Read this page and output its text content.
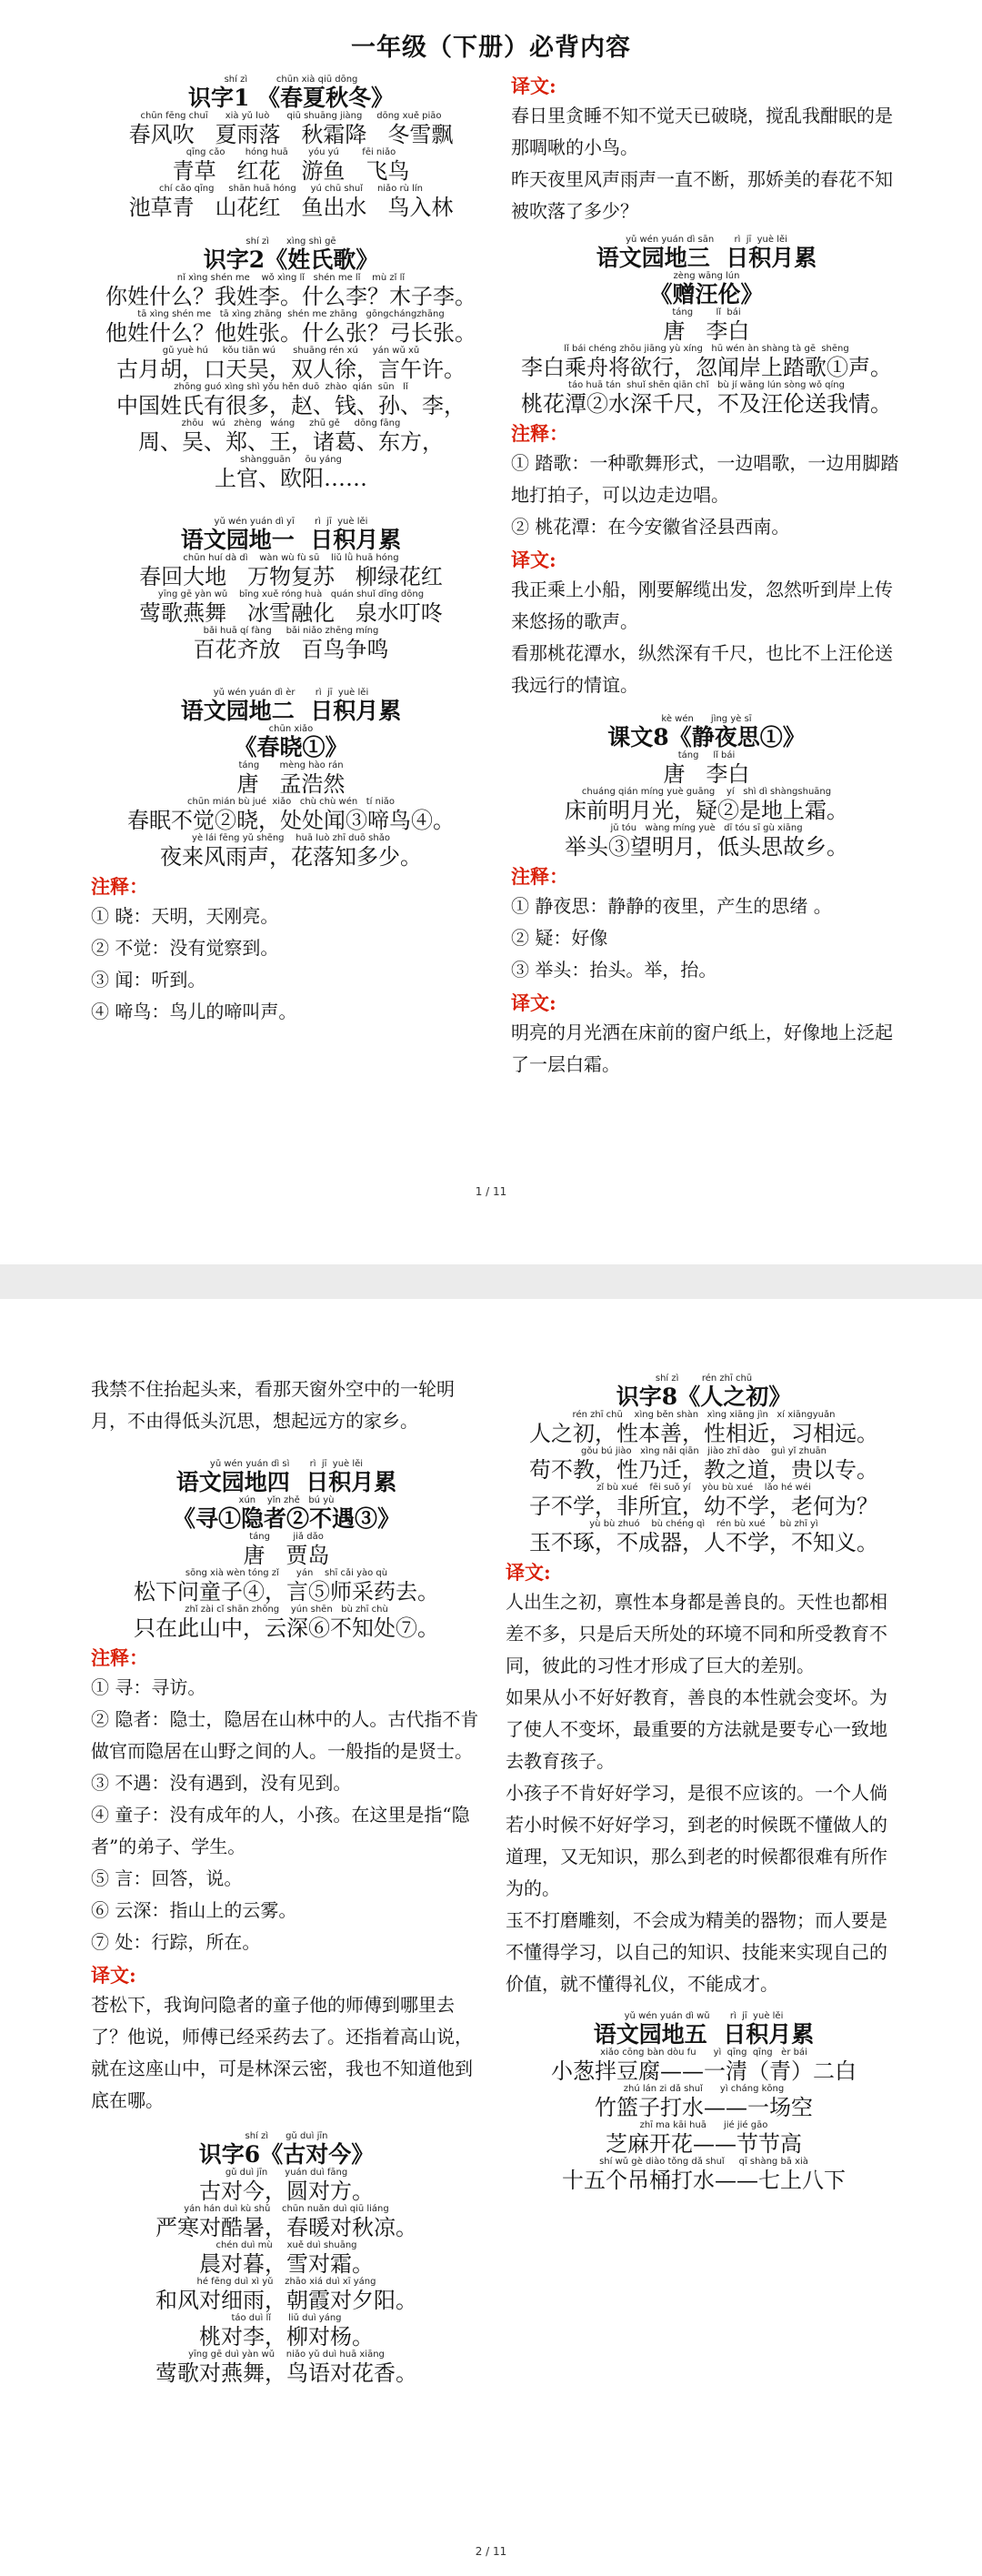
一年级（下册）必背内容
shí zì          chūn xià qiū dōng
识字1 《春夏秋冬》
chūn fēng chuī      xià yǔ luò      qiū shuāng jiàng     dōng xuě piāo
春风吹   夏雨落   秋霜降   冬雪飘
qīng cǎo       hóng huā       yóu yú        fēi niǎo
青草   红花   游鱼   飞鸟
chí cǎo qīng     shān huā hóng     yú chū shuǐ     niǎo rù lín
池草青   山花红   鱼出水   鸟入林
shí zì      xìng shì gē
识字2《姓氏歌》
nǐ xìng shén me    wǒ xìng lǐ   shén me lǐ    mù zǐ lǐ
你姓什么？我姓李。什么李？木子李。
tā xìng shén me   tā xìng zhāng  shén me zhāng   gōngchángzhāng
他姓什么？他姓张。什么张？弓长张。
gǔ yuè hú     kǒu tiān wú      shuāng rén xú     yán wǔ xǔ
古月胡，口天吴，双人徐，言午许。
zhōng guó xìng shì yǒu hěn duō  zhào  qián  sūn   lǐ
中国姓氏有很多，赵、钱、孙、李，
zhōu   wú   zhèng   wáng     zhū gě     dōng fāng
周、吴、郑、王，诸葛、东方，
shàngguān     ōu yáng
上官、欧阳……
yǔ wén yuán dì yī       rì  jī  yuè lěi
语文园地一  日积月累
chūn huí dà dì    wàn wù fù sū    liǔ lǜ huā hóng
春回大地   万物复苏   柳绿花红
yīng gē yàn wǔ    bīng xuě róng huà   quán shuǐ dīng dōng
莺歌燕舞   冰雪融化   泉水叮咚
bǎi huā qí fàng     bǎi niǎo zhēng míng
百花齐放   百鸟争鸣
yǔ wén yuán dì èr       rì  jī  yuè lěi
语文园地二  日积月累
chūn xiǎo
《春晓①》
táng       mèng hào rán
唐   孟浩然
chūn mián bù jué  xiǎo   chù chù wén   tí niǎo
春眠不觉②晓，处处闻③啼鸟④。
yè lái fēng yǔ shēng    huā luò zhī duō shǎo
夜来风雨声，花落知多少。
注释：

① 晓：天明，天刚亮。

② 不觉：没有觉察到。

③ 闻：听到。

④ 啼鸟：鸟儿的啼叫声。

译文:

春日里贪睡不知不觉天已破晓，搅乱我酣眠的是那啁啾的小鸟。

昨天夜里风声雨声一直不断，那娇美的春花不知被吹落了多少？

yǔ wén yuán dì sān       rì  jī  yuè lěi
语文园地三  日积月累
zèng wāng lún
《赠汪伦》
táng        lǐ  bái
唐   李白
lǐ bái chéng zhōu jiāng yù xíng   hū wén àn shàng tà gē  shēng
李白乘舟将欲行，忽闻岸上踏歌①声。
táo huā tán  shuǐ shēn qiān chǐ   bù jí wāng lún sòng wǒ qíng
桃花潭②水深千尺，不及汪伦送我情。
注释：

① 踏歌：一种歌舞形式，一边唱歌，一边用脚踏地打拍子，可以边走边唱。

② 桃花潭：在今安徽省泾县西南。

译文:

我正乘上小船，刚要解缆出发，忽然听到岸上传来悠扬的歌声。

看那桃花潭水，纵然深有千尺，也比不上汪伦送我远行的情谊。

kè wén      jìng yè sī
课文8《静夜思①》
táng     lǐ bái
唐   李白
chuáng qián míng yuè guāng    yí   shì dì shàngshuāng
床前明月光，疑②是地上霜。
jǔ tóu   wàng míng yuè   dī tóu sī gù xiāng
举头③望明月，低头思故乡。
注释：

① 静夜思：静静的夜里，产生的思绪 。

② 疑：好像

③ 举头：抬头。举，抬。

译文:

明亮的月光洒在床前的窗户纸上，好像地上泛起了一层白霜。

1 / 11

我禁不住抬起头来，看那天窗外空中的一轮明月，不由得低头沉思，想起远方的家乡。

yǔ wén yuán dì sì       rì  jī  yuè lěi
语文园地四  日积月累
xún    yǐn zhě   bú yù
《寻①隐者②不遇③》
táng        jiǎ dǎo
唐   贾岛
sōng xià wèn tóng zǐ      yán    shī cǎi yào qù
松下问童子④，言⑤师采药去。
zhǐ zài cǐ shān zhōng    yún shēn   bù zhī chù
只在此山中，云深⑥不知处⑦。
注释：

① 寻：寻访。

② 隐者：隐士，隐居在山林中的人。古代指不肯做官而隐居在山野之间的人。一般指的是贤士。

③ 不遇：没有遇到，没有见到。

④ 童子：没有成年的人，小孩。在这里是指“隐者”的弟子、学生。

⑤ 言：回答，说。

⑥ 云深：指山上的云雾。

⑦ 处：行踪，所在。

译文:

苍松下，我询问隐者的童子他的师傅到哪里去了？他说，师傅已经采药去了。还指着高山说，就在这座山中，可是林深云密，我也不知道他到底在哪。

shí zì      gǔ duì jīn
识字6《古对今》
gǔ duì jīn      yuán duì fāng
古对今，圆对方。
yán hán duì kù shǔ    chūn nuǎn duì qiū liáng
严寒对酷暑，春暖对秋凉。
chén duì mù     xuě duì shuāng
晨对暮，雪对霜。
hé fēng duì xì yǔ    zhāo xiá duì xī yáng
和风对细雨，朝霞对夕阳。
táo duì lǐ      liǔ duì yáng
桃对李，柳对杨。
yīng gē duì yàn wǔ    niǎo yǔ duì huā xiāng
莺歌对燕舞，鸟语对花香。
shí zì        rén zhī chū
识字8《人之初》
rén zhī chū    xìng běn shàn   xìng xiāng jìn   xí xiāngyuǎn
人之初，性本善，性相近，习相远。
gǒu bú jiào   xìng nǎi qiān   jiào zhī dào    guì yǐ zhuān
苟不教，性乃迁，教之道，贵以专。
zǐ bù xué    fēi suǒ yí    yòu bù xué    lǎo hé wéi
子不学，非所宜，幼不学，老何为？
yù bù zhuó    bù chéng qì    rén bù xué     bù zhī yì
玉不琢，不成器，人不学，不知义。
译文:

人出生之初，禀性本身都是善良的。天性也都相差不多，只是后天所处的环境不同和所受教育不同，彼此的习性才形成了巨大的差别。

如果从小不好好教育，善良的本性就会变坏。为了使人不变坏，最重要的方法就是要专心一致地去教育孩子。

小孩子不肯好好学习，是很不应该的。一个人倘若小时候不好好学习，到老的时候既不懂做人的道理，又无知识，那么到老的时候都很难有所作为的。

玉不打磨雕刻，不会成为精美的器物；而人要是不懂得学习，以自己的知识、技能来实现自己的价值，就不懂得礼仪，不能成才。

yǔ wén yuán dì wǔ       rì  jī  yuè lěi
语文园地五  日积月累
xiǎo cōng bàn dòu fu      yì  qīng  qīng   èr bái
小葱拌豆腐——一清（青）二白
zhú lán zi dǎ shuǐ      yì cháng kōng
竹篮子打水——一场空
zhī ma kāi huā      jié jié gāo
芝麻开花——节节高
shí wǔ gè diào tǒng dǎ shuǐ     qī shàng bā xià
十五个吊桶打水——七上八下
2 / 11
